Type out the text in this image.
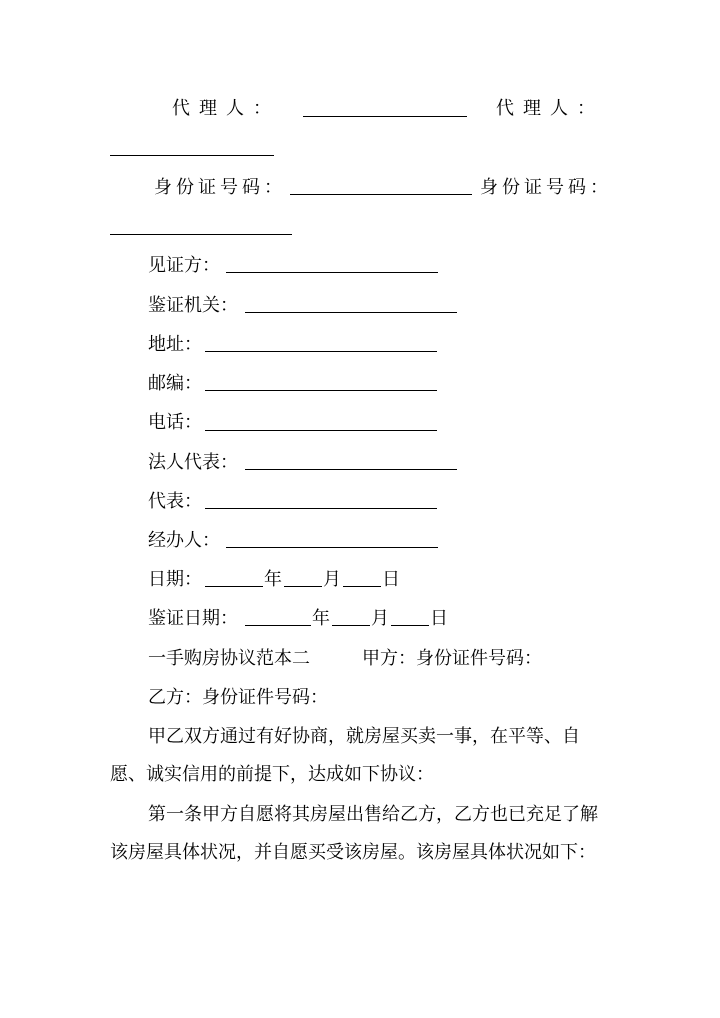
代理人：	代理人：
身份证号码：	身份证号码：
见证方：
鉴证机关：
地址：
邮编：
电话：
法人代表：
代表：
经办人：
日期：	年 月 日
鉴证日期：	年 月 日
一手购房协议范本二	甲方：身份证件号码：
乙方：身份证件号码：
甲乙双方通过有好协商，就房屋买卖一事，在平等、自愿、诚实信用的前提下，达成如下协议：
第一条甲方自愿将其房屋出售给乙方，乙方也已充足了解该房屋具体状况，并自愿买受该房屋。该房屋具体状况如下：
